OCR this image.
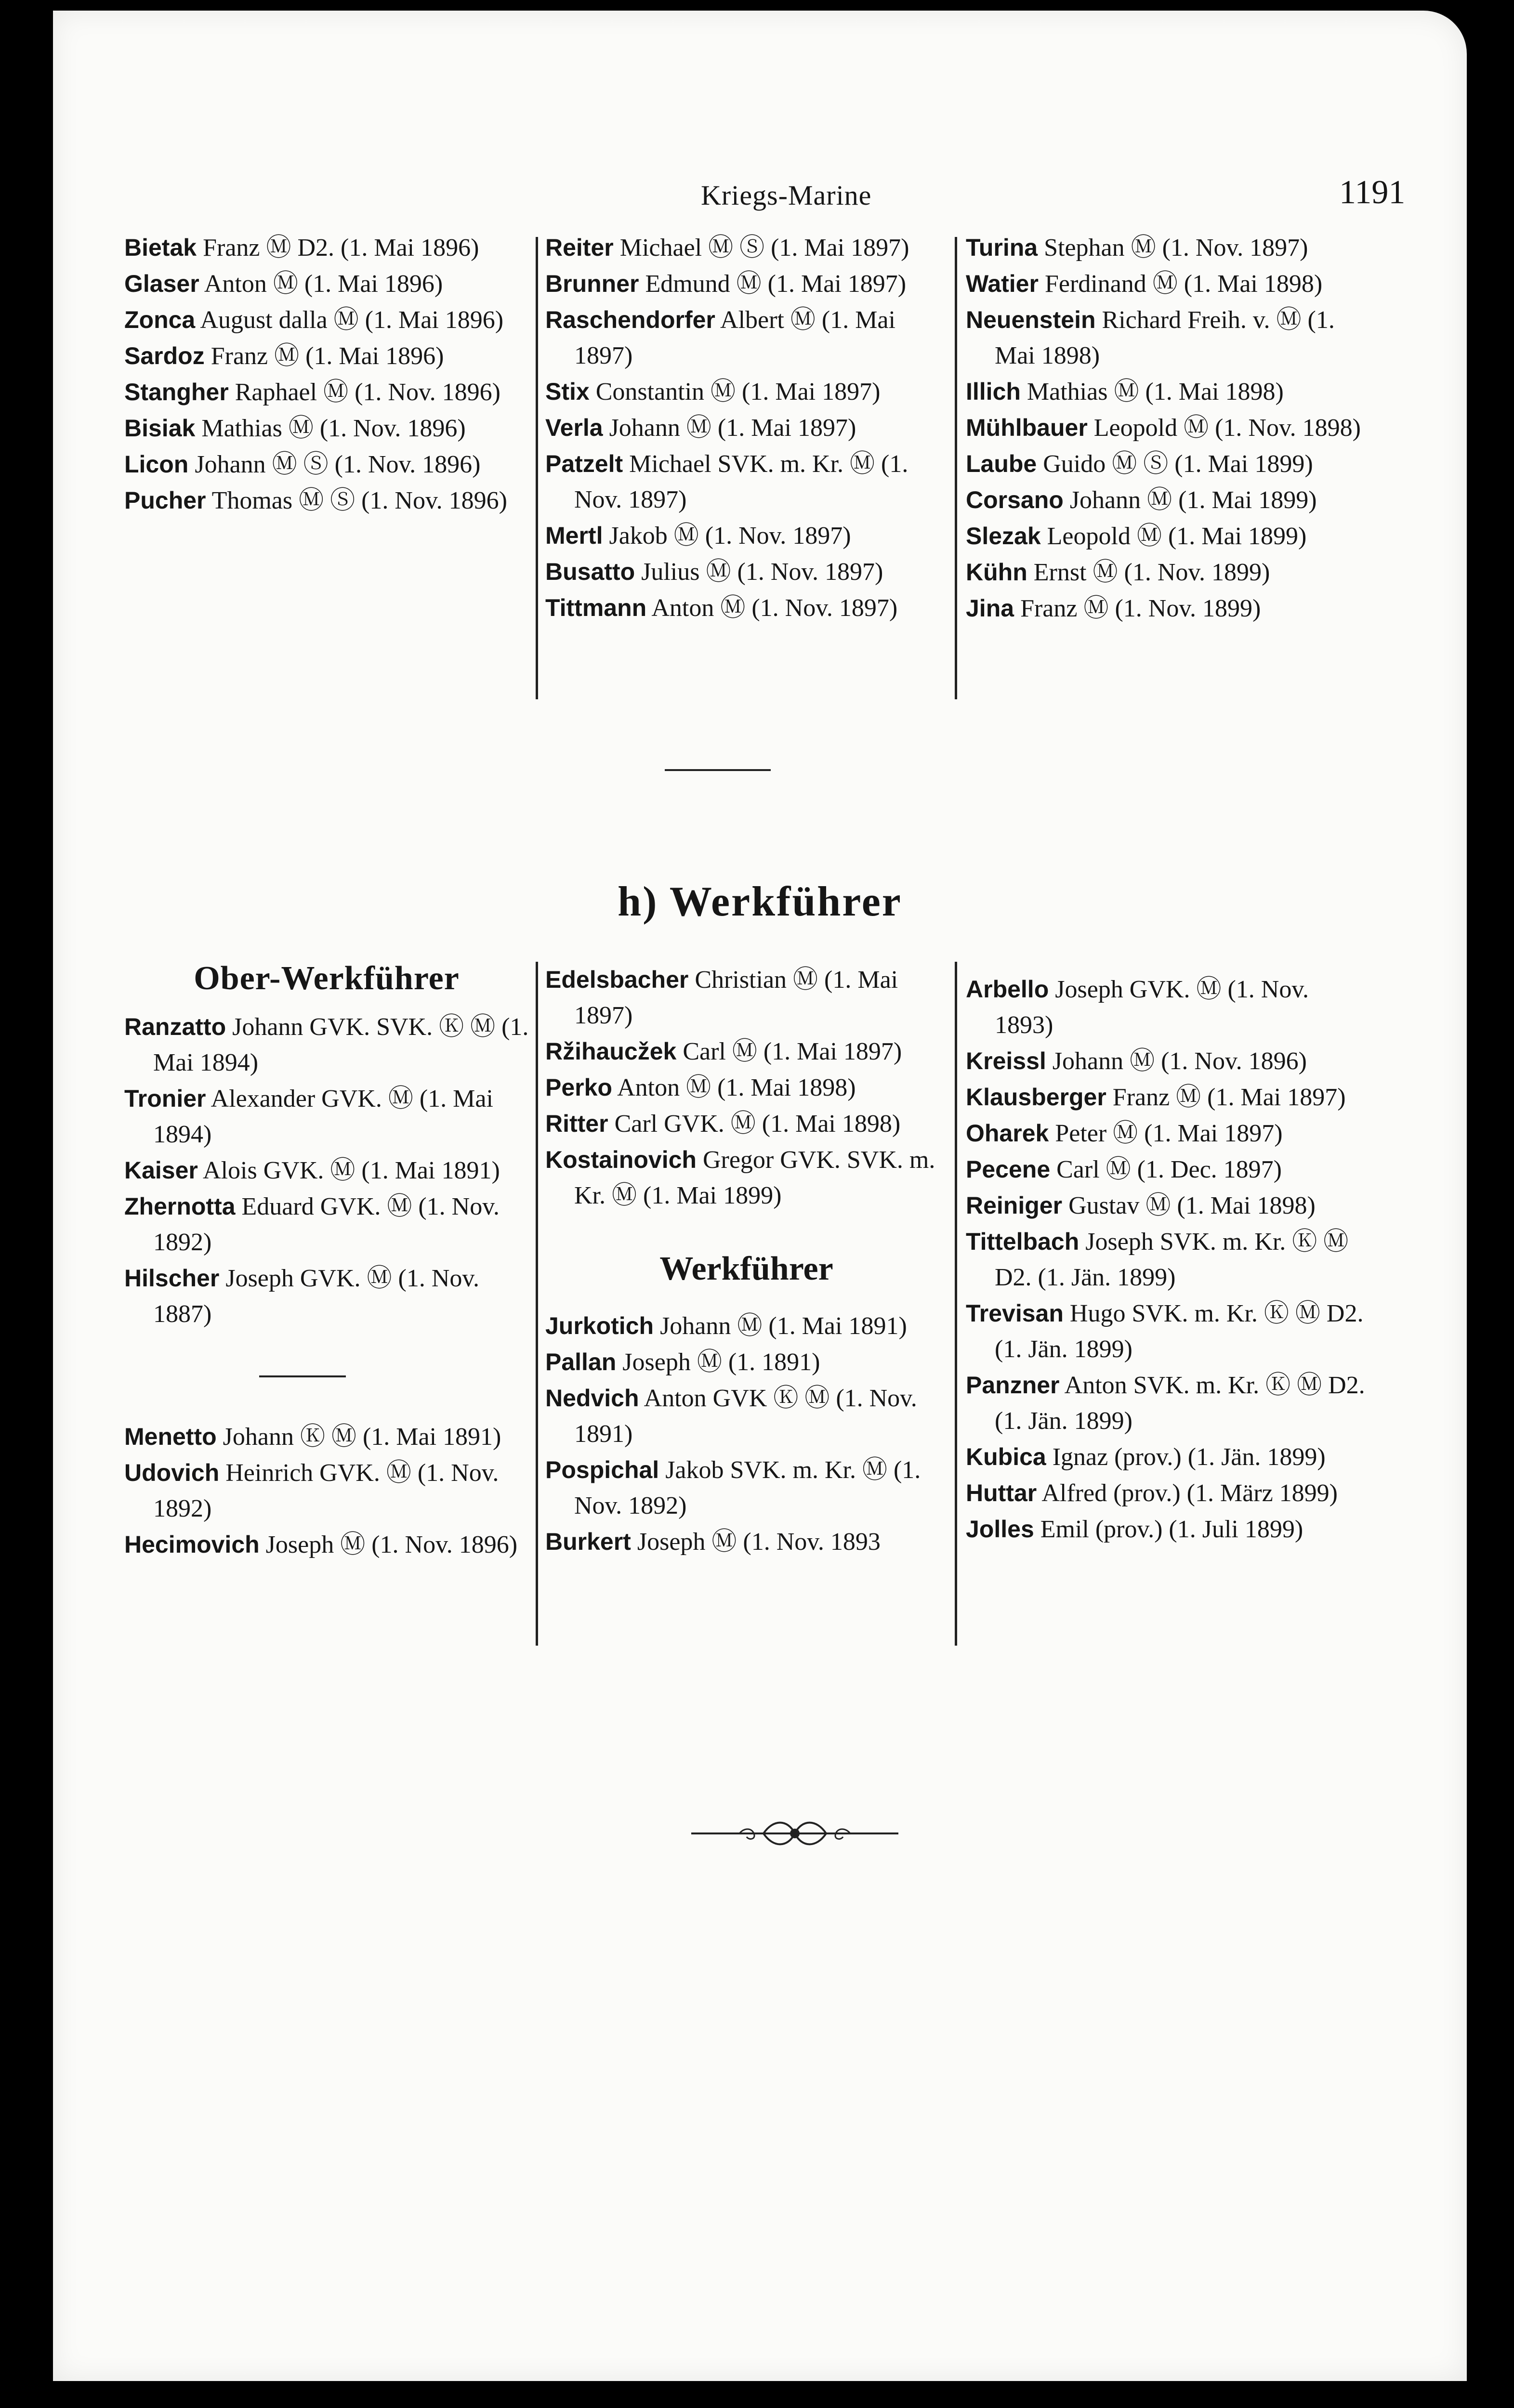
Kriegs-Marine	1191

Bietak Franz Ⓜ D2. (1. Mai 1896)

Glaser Anton Ⓜ (1. Mai 1896)

Zonca August dalla Ⓜ (1. Mai 1896)

Sardoz Franz Ⓜ (1. Mai 1896)

Stangher Raphael Ⓜ (1. Nov. 1896)

Bisiak Mathias Ⓜ (1. Nov. 1896)

Licon Johann Ⓜ Ⓢ (1. Nov. 1896)

Pucher Thomas Ⓜ Ⓢ (1. Nov. 1896)

Reiter Michael Ⓜ Ⓢ (1. Mai 1897)

Brunner Edmund Ⓜ (1. Mai 1897)

Raschendorfer Albert Ⓜ (1. Mai 1897)

Stix Constantin Ⓜ (1. Mai 1897)

Verla Johann Ⓜ (1. Mai 1897)

Patzelt Michael SVK. m. Kr. Ⓜ (1. Nov. 1897)

Mertl Jakob Ⓜ (1. Nov. 1897)

Busatto Julius Ⓜ (1. Nov. 1897)

Tittmann Anton Ⓜ (1. Nov. 1897)

Turina Stephan Ⓜ (1. Nov. 1897)

Watier Ferdinand Ⓜ (1. Mai 1898)

Neuenstein Richard Freih. v. Ⓜ (1. Mai 1898)

Illich Mathias Ⓜ (1. Mai 1898)

Mühlbauer Leopold Ⓜ (1. Nov. 1898)

Laube Guido Ⓜ Ⓢ (1. Mai 1899)

Corsano Johann Ⓜ (1. Mai 1899)

Slezak Leopold Ⓜ (1. Mai 1899)

Kühn Ernst Ⓜ (1. Nov. 1899)

Jina Franz Ⓜ (1. Nov. 1899)

h) Werkführer
Ober-Werkführer

Ranzatto Johann GVK. SVK. Ⓚ Ⓜ (1. Mai 1894)

Tronier Alexander GVK. Ⓜ (1. Mai 1894)

Kaiser Alois GVK. Ⓜ (1. Mai 1891)

Zhernotta Eduard GVK. Ⓜ (1. Nov. 1892)

Hilscher Joseph GVK. Ⓜ (1. Nov. 1887)

Menetto Johann Ⓚ Ⓜ (1. Mai 1891)

Udovich Heinrich GVK. Ⓜ (1. Nov. 1892)

Hecimovich Joseph Ⓜ (1. Nov. 1896)

Edelsbacher Christian Ⓜ (1. Mai 1897)

Ržihaucžek Carl Ⓜ (1. Mai 1897)

Perko Anton Ⓜ (1. Mai 1898)

Ritter Carl GVK. Ⓜ (1. Mai 1898)

Kostainovich Gregor GVK. SVK. m. Kr. Ⓜ (1. Mai 1899)

Werkführer

Jurkotich Johann Ⓜ (1. Mai 1891)

Pallan Joseph Ⓜ (1. 1891)

Nedvich Anton GVK Ⓚ Ⓜ (1. Nov. 1891)

Pospichal Jakob SVK. m. Kr. Ⓜ (1. Nov. 1892)

Burkert Joseph Ⓜ (1. Nov. 1893

Arbello Joseph GVK. Ⓜ (1. Nov. 1893)

Kreissl Johann Ⓜ (1. Nov. 1896)

Klausberger Franz Ⓜ (1. Mai 1897)

Oharek Peter Ⓜ (1. Mai 1897)

Pecene Carl Ⓜ (1. Dec. 1897)

Reiniger Gustav Ⓜ (1. Mai 1898)

Tittelbach Joseph SVK. m. Kr. Ⓚ Ⓜ D2. (1. Jän. 1899)

Trevisan Hugo SVK. m. Kr. Ⓚ Ⓜ D2. (1. Jän. 1899)

Panzner Anton SVK. m. Kr. Ⓚ Ⓜ D2. (1. Jän. 1899)

Kubica Ignaz (prov.) (1. Jän. 1899)

Huttar Alfred (prov.) (1. März 1899)

Jolles Emil (prov.) (1. Juli 1899)
